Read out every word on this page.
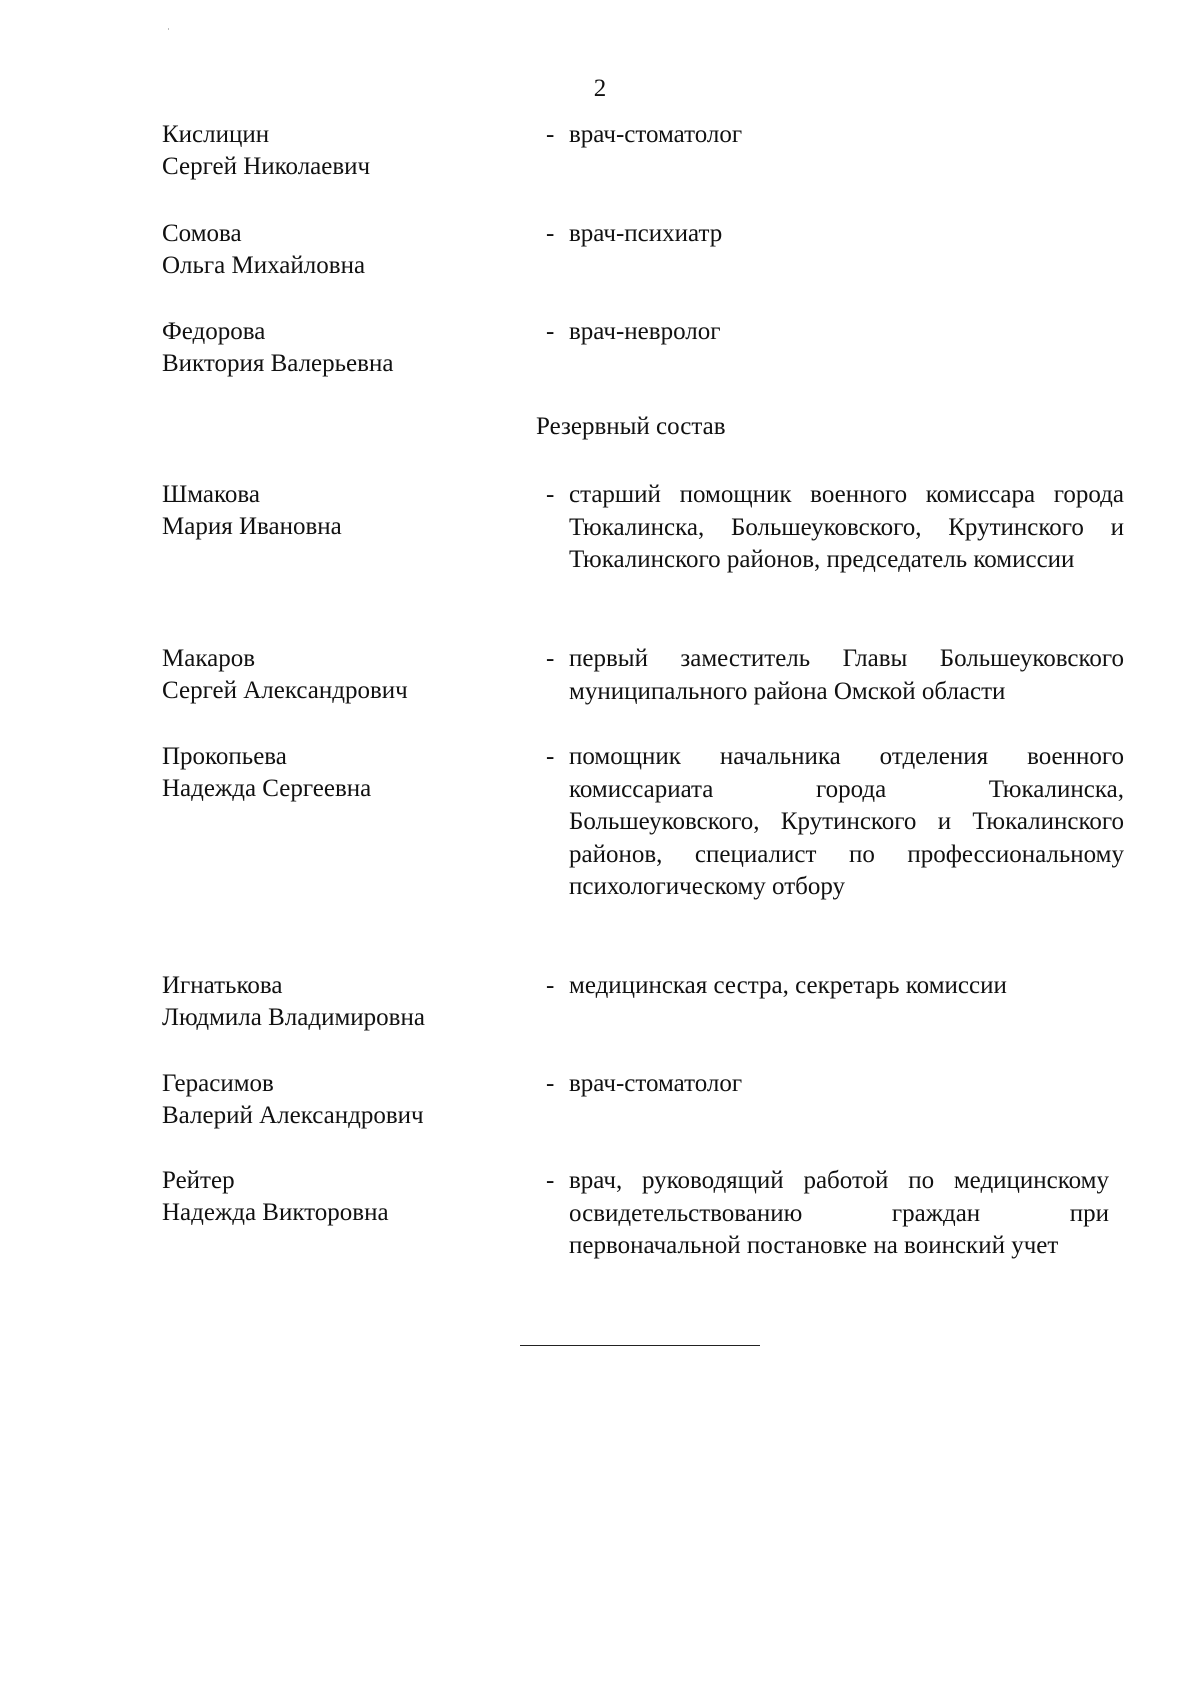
2
Кислицин
Сергей Николаевич
- врач-стоматолог
Сомова
Ольга Михайловна
- врач-психиатр
Федорова
Виктория Валерьевна
- врач-невролог
Резервный состав
Шмакова
Мария Ивановна
- старший помощник военного комиссара города Тюкалинска, Большеуковского, Крутинского и Тюкалинского районов, председатель комиссии
Макаров
Сергей Александрович
- первый заместитель Главы Большеуковского муниципального района Омской области
Прокопьева
Надежда Сергеевна
- помощник начальника отделения военного комиссариата города Тюкалинска, Большеуковского, Крутинского и Тюкалинского районов, специалист по профессиональному психологическому отбору
Игнатькова
Людмила Владимировна
- медицинская сестра, секретарь комиссии
Герасимов
Валерий Александрович
- врач-стоматолог
Рейтер
Надежда Викторовна
- врач, руководящий работой по медицинскому освидетельствованию граждан при первоначальной постановке на воинский учет
